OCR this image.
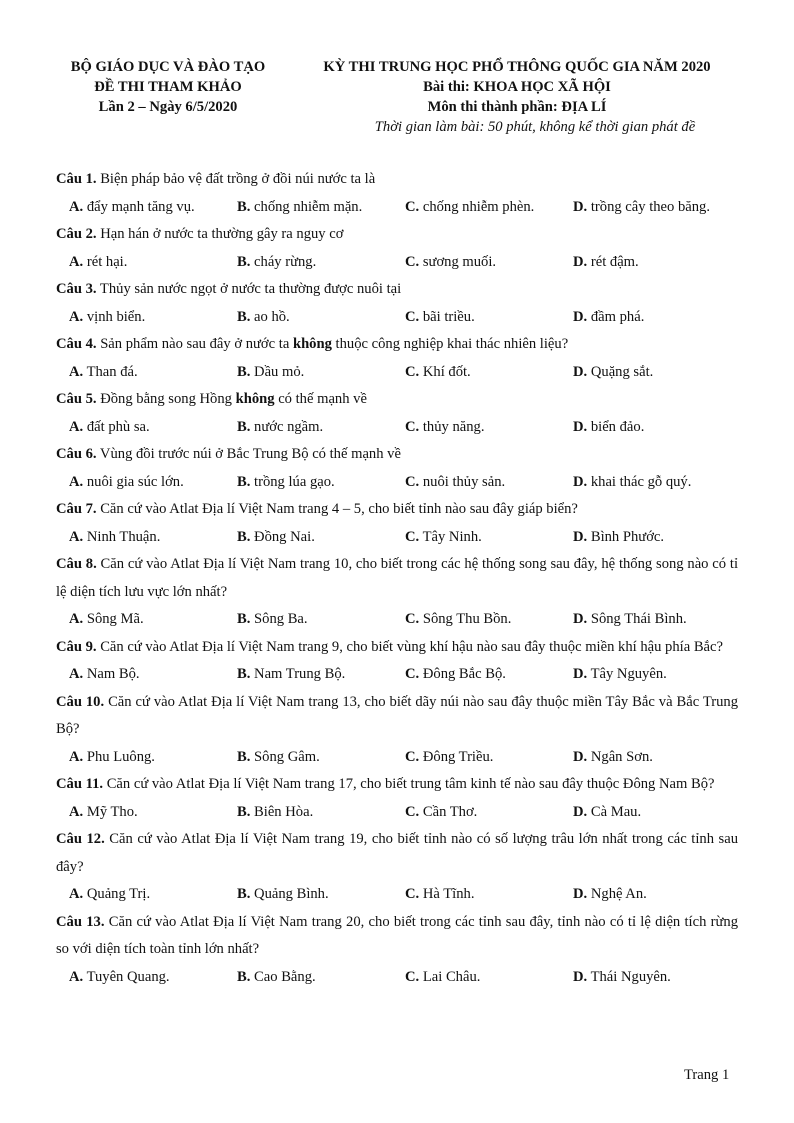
BỘ GIÁO DỤC VÀ ĐÀO TẠO
ĐỀ THI THAM KHẢO
Lần 2 – Ngày 6/5/2020
KỲ THI TRUNG HỌC PHỔ THÔNG QUỐC GIA NĂM 2020
Bài thi: KHOA HỌC XÃ HỘI
Môn thi thành phần: ĐỊA LÍ
Thời gian làm bài: 50 phút, không kể thời gian phát đề
Câu 1. Biện pháp bảo vệ đất trồng ở đồi núi nước ta là
A. đẩy mạnh tăng vụ.	B. chống nhiễm mặn.	C. chống nhiễm phèn.	D. trồng cây theo băng.
Câu 2. Hạn hán ở nước ta thường gây ra nguy cơ
A. rét hại.	B. cháy rừng.	C. sương muối.	D. rét đậm.
Câu 3. Thủy sản nước ngọt ở nước ta thường được nuôi tại
A. vịnh biển.	B. ao hồ.	C. bãi triều.	D. đầm phá.
Câu 4. Sản phẩm nào sau đây ở nước ta không thuộc công nghiệp khai thác nhiên liệu?
A. Than đá.	B. Dầu mỏ.	C. Khí đốt.	D. Quặng sắt.
Câu 5. Đồng bằng song Hồng không có thế mạnh về
A. đất phù sa.	B. nước ngầm.	C. thủy năng.	D. biển đảo.
Câu 6. Vùng đồi trước núi ở Bắc Trung Bộ có thế mạnh về
A. nuôi gia súc lớn.	B. trồng lúa gạo.	C. nuôi thủy sản.	D. khai thác gỗ quý.
Câu 7. Căn cứ vào Atlat Địa lí Việt Nam trang 4 – 5, cho biết tỉnh nào sau đây giáp biển?
A. Ninh Thuận.	B. Đồng Nai.	C. Tây Ninh.	D. Bình Phước.
Câu 8. Căn cứ vào Atlat Địa lí Việt Nam trang 10, cho biết trong các hệ thống song sau đây, hệ thống song nào có tỉ lệ diện tích lưu vực lớn nhất?
A. Sông Mã.	B. Sông Ba.	C. Sông Thu Bồn.	D. Sông Thái Bình.
Câu 9. Căn cứ vào Atlat Địa lí Việt Nam trang 9, cho biết vùng khí hậu nào sau đây thuộc miền khí hậu phía Bắc?
A. Nam Bộ.	B. Nam Trung Bộ.	C. Đông Bắc Bộ.	D. Tây Nguyên.
Câu 10. Căn cứ vào Atlat Địa lí Việt Nam trang 13, cho biết dãy núi nào sau đây thuộc miền Tây Bắc và Bắc Trung Bộ?
A. Phu Luông.	B. Sông Gâm.	C. Đông Triều.	D. Ngân Sơn.
Câu 11. Căn cứ vào Atlat Địa lí Việt Nam trang 17, cho biết trung tâm kinh tế nào sau đây thuộc Đông Nam Bộ?
A. Mỹ Tho.	B. Biên Hòa.	C. Cần Thơ.	D. Cà Mau.
Câu 12. Căn cứ vào Atlat Địa lí Việt Nam trang 19, cho biết tỉnh nào có số lượng trâu lớn nhất trong các tỉnh sau đây?
A. Quảng Trị.	B. Quảng Bình.	C. Hà Tĩnh.	D. Nghệ An.
Câu 13. Căn cứ vào Atlat Địa lí Việt Nam trang 20, cho biết trong các tỉnh sau đây, tỉnh nào có tỉ lệ diện tích rừng so với diện tích toàn tỉnh lớn nhất?
A. Tuyên Quang.	B. Cao Bằng.	C. Lai Châu.	D. Thái Nguyên.
Trang 1
